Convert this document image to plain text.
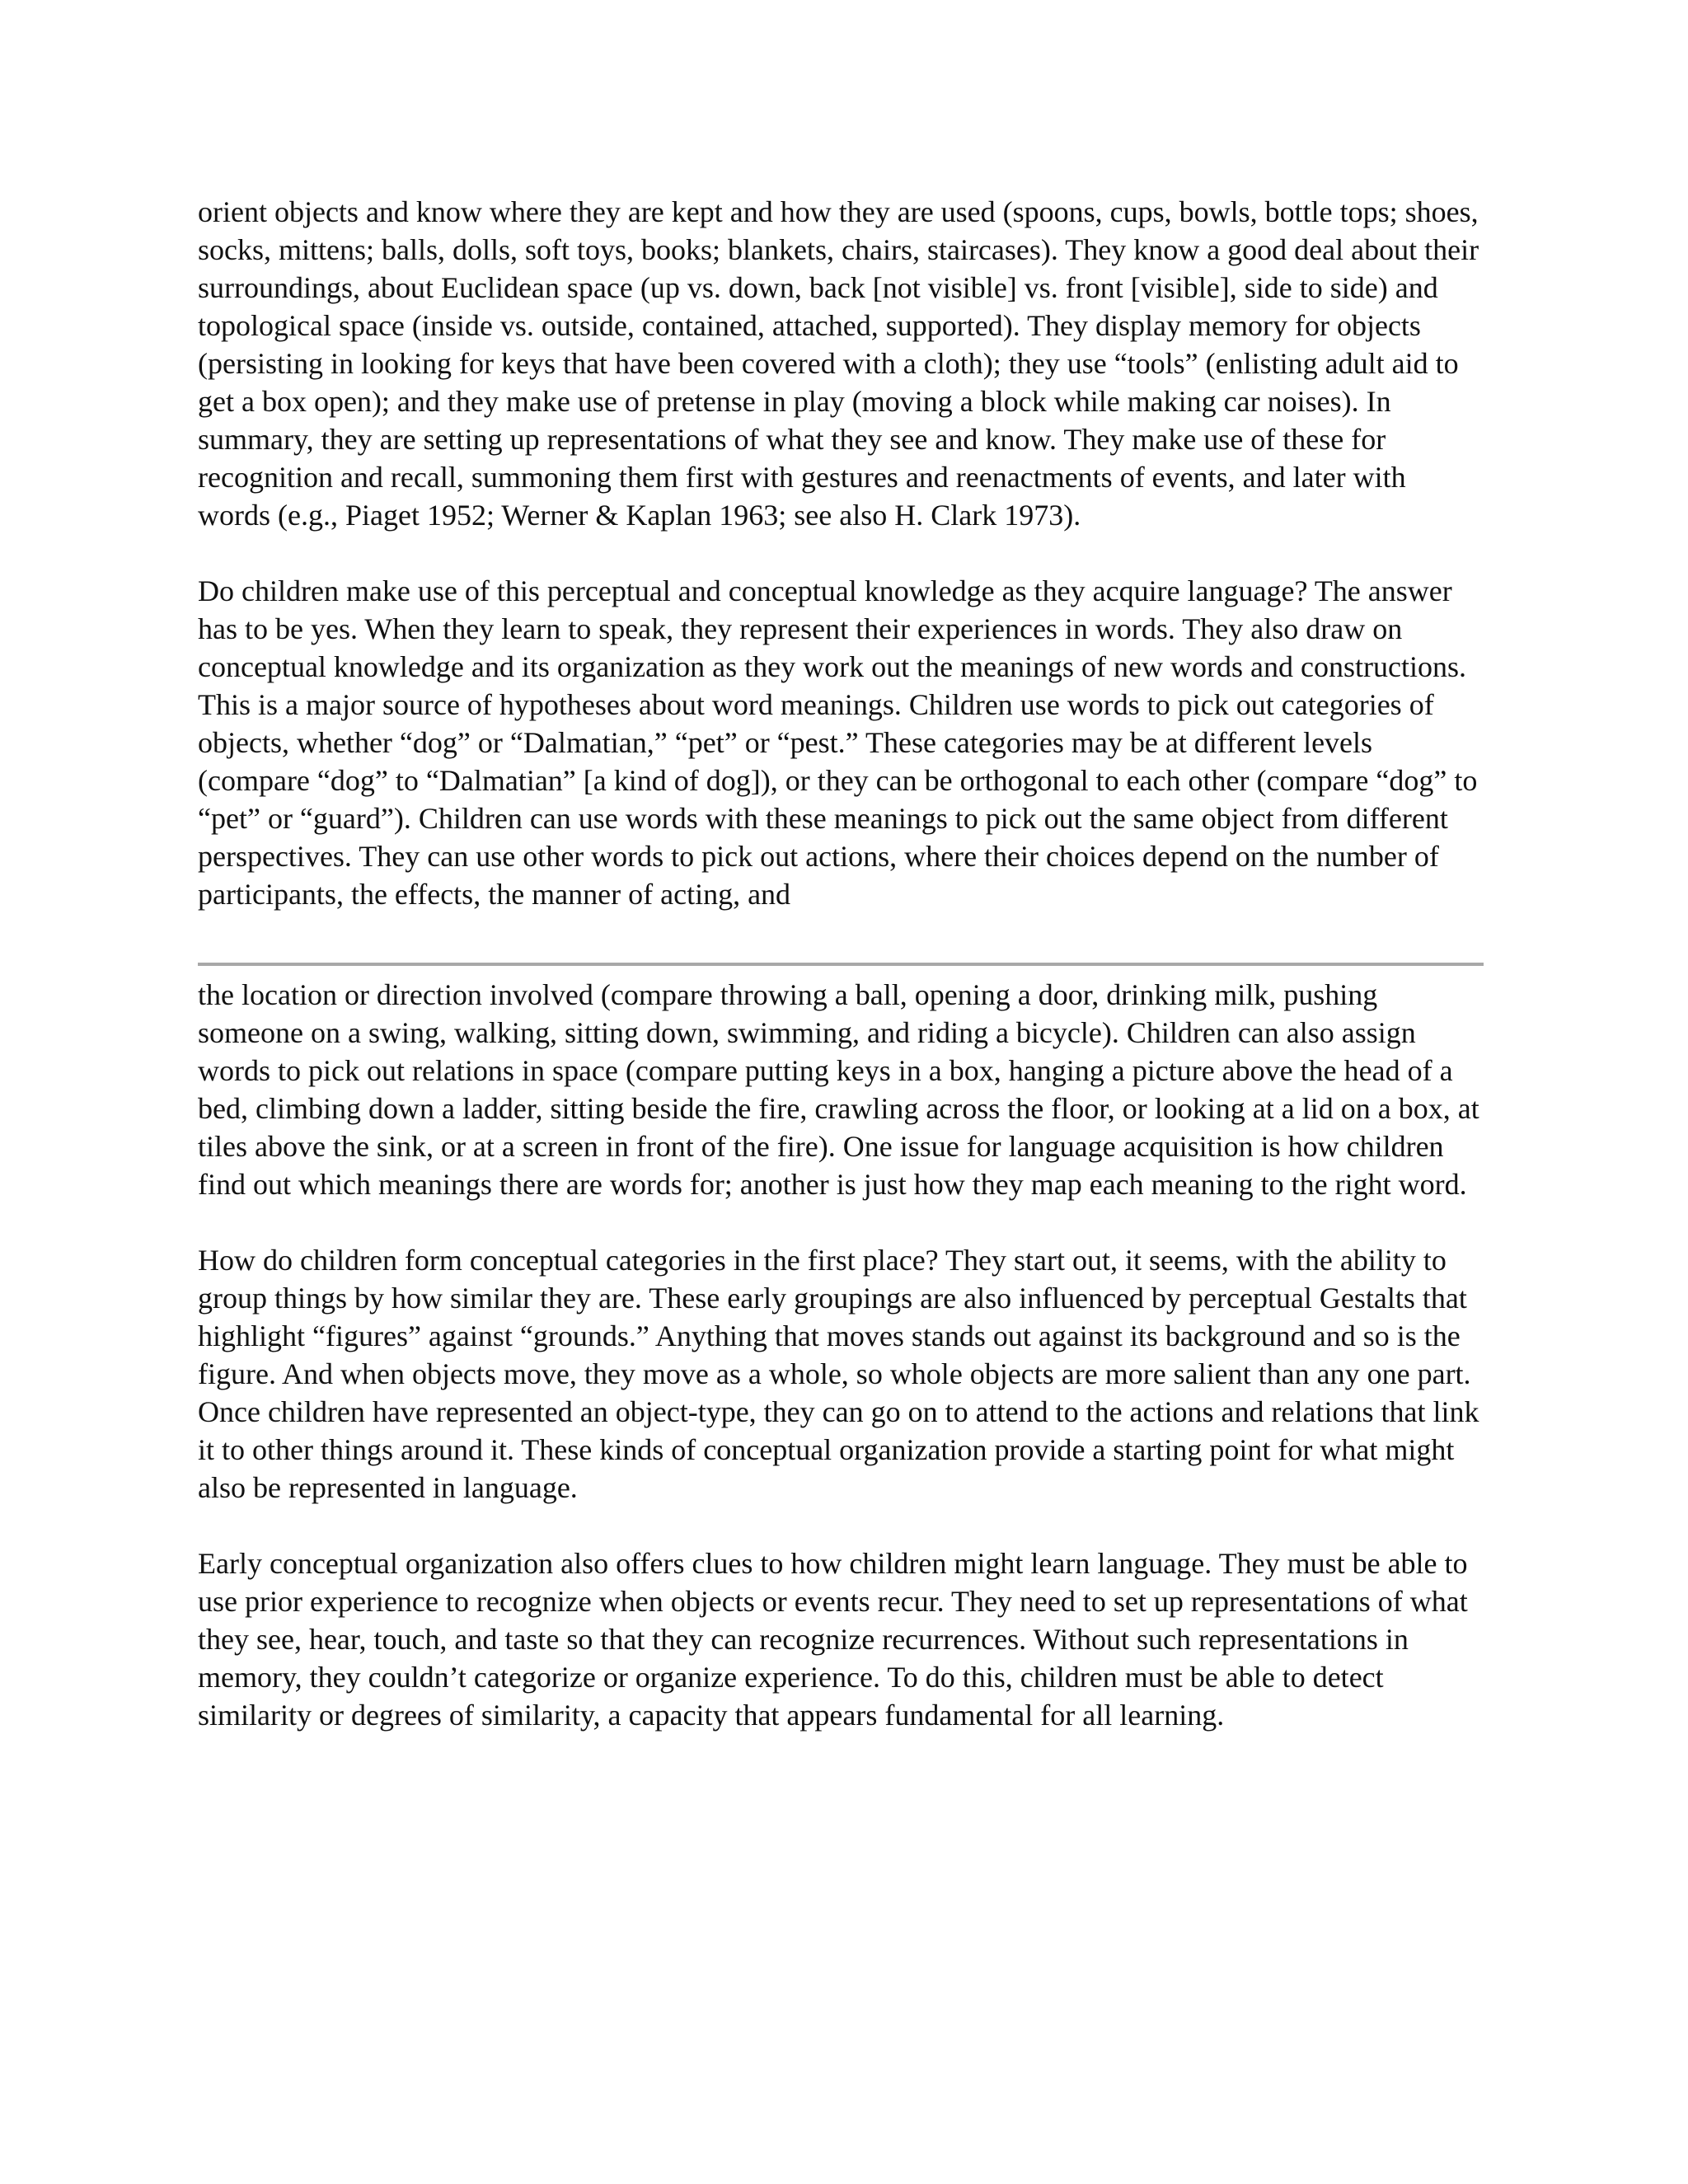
orient objects and know where they are kept and how they are used (spoons, cups, bowls, bottle tops; shoes, socks, mittens; balls, dolls, soft toys, books; blankets, chairs, staircases). They know a good deal about their surroundings, about Euclidean space (up vs. down, back [not visible] vs. front [visible], side to side) and topological space (inside vs. outside, contained, attached, supported). They display memory for objects (persisting in looking for keys that have been covered with a cloth); they use “tools” (enlisting adult aid to get a box open); and they make use of pretense in play (moving a block while making car noises). In summary, they are setting up representations of what they see and know. They make use of these for recognition and recall, summoning them first with gestures and reenactments of events, and later with words (e.g., Piaget 1952; Werner & Kaplan 1963; see also H. Clark 1973).

Do children make use of this perceptual and conceptual knowledge as they acquire language? The answer has to be yes. When they learn to speak, they represent their experiences in words. They also draw on conceptual knowledge and its organization as they work out the meanings of new words and constructions. This is a major source of hypotheses about word meanings. Children use words to pick out categories of objects, whether “dog” or “Dalmatian,” “pet” or “pest.” These categories may be at different levels (compare “dog” to “Dalmatian” [a kind of dog]), or they can be orthogonal to each other (compare “dog” to “pet” or “guard”). Children can use words with these meanings to pick out the same object from different perspectives. They can use other words to pick out actions, where their choices depend on the number of participants, the effects, the manner of acting, and

the location or direction involved (compare throwing a ball, opening a door, drinking milk, pushing someone on a swing, walking, sitting down, swimming, and riding a bicycle). Children can also assign words to pick out relations in space (compare putting keys in a box, hanging a picture above the head of a bed, climbing down a ladder, sitting beside the fire, crawling across the floor, or looking at a lid on a box, at tiles above the sink, or at a screen in front of the fire). One issue for language acquisition is how children find out which meanings there are words for; another is just how they map each meaning to the right word.

How do children form conceptual categories in the first place? They start out, it seems, with the ability to group things by how similar they are. These early groupings are also influenced by perceptual Gestalts that highlight “figures” against “grounds.” Anything that moves stands out against its background and so is the figure. And when objects move, they move as a whole, so whole objects are more salient than any one part. Once children have represented an object-type, they can go on to attend to the actions and relations that link it to other things around it. These kinds of conceptual organization provide a starting point for what might also be represented in language.

Early conceptual organization also offers clues to how children might learn language. They must be able to use prior experience to recognize when objects or events recur. They need to set up representations of what they see, hear, touch, and taste so that they can recognize recurrences. Without such representations in memory, they couldn’t categorize or organize experience. To do this, children must be able to detect similarity or degrees of similarity, a capacity that appears fundamental for all learning.
